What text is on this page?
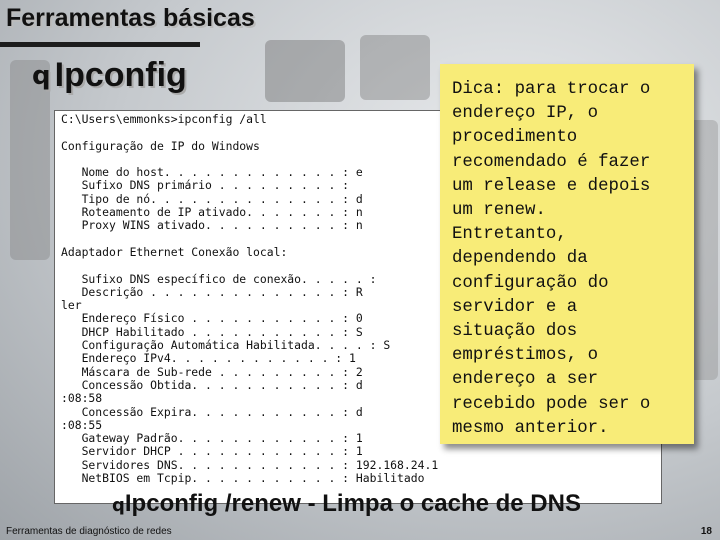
Ferramentas básicas
q Ipconfig
C:\Users\emmonks>ipconfig /all

Configuração de IP do Windows

Nome do host. . . . . . . . . . . . . : e
Sufixo DNS primário . . . . . . . . . :
Tipo de nó. . . . . . . . . . . . . . : d
Roteamento de IP ativado. . . . . . . : n
Proxy WINS ativado. . . . . . . . . . : n

Adaptador Ethernet Conexão local:

Sufixo DNS específico de conexão. . . . . :
Descrição . . . . . . . . . . . . . . : R
ler
Endereço Físico . . . . . . . . . . . : 0
DHCP Habilitado . . . . . . . . . . . : S
Configuração Automática Habilitada. . . . : S
Endereço IPv4. . . . . . . . . . . . : 1
Máscara de Sub-rede . . . . . . . . . : 2
Concessão Obtida. . . . . . . . . . . : d
:08:58
Concessão Expira. . . . . . . . . . . : d
:08:55
Gateway Padrão. . . . . . . . . . . . : 1
Servidor DHCP . . . . . . . . . . . . : 1
Servidores DNS. . . . . . . . . . . . : 192.168.24.1
NetBIOS em Tcpip. . . . . . . . . . . : Habilitado
Dica: para trocar o
endereço IP, o
procedimento
recomendado é fazer
um release e depois
um renew.
Entretanto,
dependendo da
configuração do
servidor e a
situação dos
empréstimos, o
endereço a ser
recebido pode ser o
mesmo anterior.
qIpconfig /renew - Limpa o cache de DNS
Ferramentas de diagnóstico de redes	18
